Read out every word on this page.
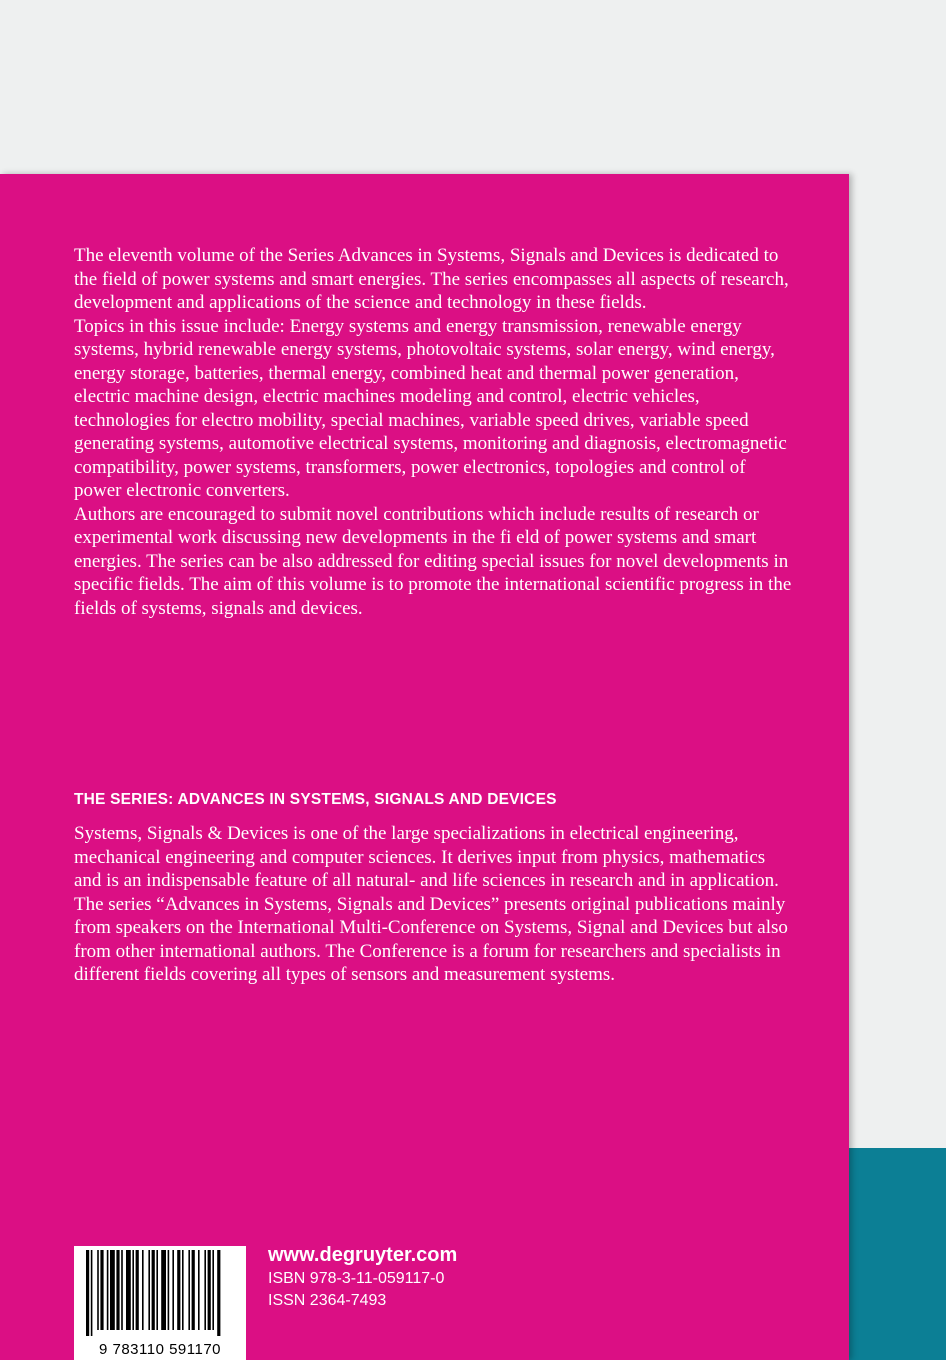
The eleventh volume of the Series Advances in Systems, Signals and Devices is dedicated to the field of power systems and smart energies. The series encompasses all aspects of research, development and applications of the science and technology in these fields.

Topics in this issue include: Energy systems and energy transmission, renewable energy systems, hybrid renewable energy systems, photovoltaic systems, solar energy, wind energy, energy storage, batteries, thermal energy, combined heat and thermal power generation, electric machine design, electric machines modeling and control, electric vehicles, technologies for electro mobility, special machines, variable speed drives, variable speed generating systems, automotive electrical systems, monitoring and diagnosis, electromagnetic compatibility, power systems, transformers, power electronics, topologies and control of power electronic converters.

Authors are encouraged to submit novel contributions which include results of research or experimental work discussing new developments in the fi eld of power systems and smart energies. The series can be also addressed for editing special issues for novel developments in specific fields. The aim of this volume is to promote the international scientific progress in the fields of systems, signals and devices.

THE SERIES: ADVANCES IN SYSTEMS, SIGNALS AND DEVICES

Systems, Signals & Devices is one of the large specializations in electrical engineering, mechanical engineering and computer sciences. It derives input from physics, mathematics and is an indispensable feature of all natural- and life sciences in research and in application. The series “Advances in Systems, Signals and Devices” presents original publications mainly from speakers on the International Multi-Conference on Systems, Signal and Devices but also from other international authors. The Conference is a forum for researchers and specialists in different fields covering all types of sensors and measurement systems.

9 783110 591170
www.degruyter.com
ISBN 978-3-11-059117-0
ISSN 2364-7493
